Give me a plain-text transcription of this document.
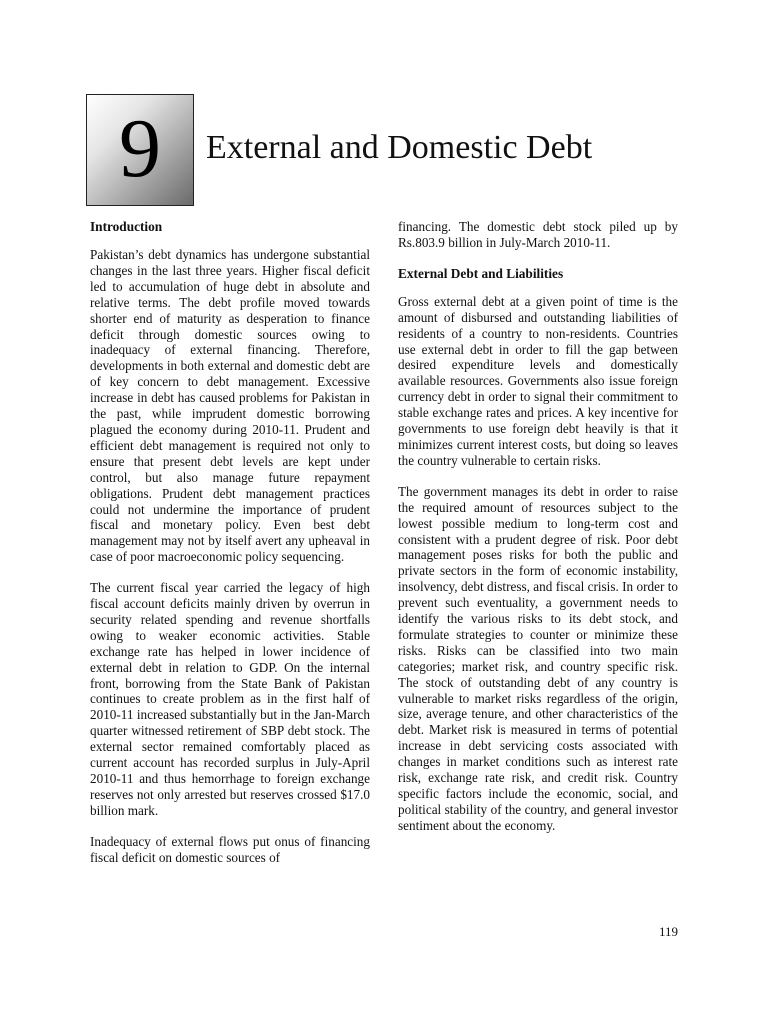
9	External and Domestic Debt
Introduction

Pakistan’s debt dynamics has undergone substantial changes in the last three years. Higher fiscal deficit led to accumulation of huge debt in absolute and relative terms. The debt profile moved towards shorter end of maturity as desperation to finance deficit through domestic sources owing to inadequacy of external financing. Therefore, developments in both external and domestic debt are of key concern to debt management. Excessive increase in debt has caused problems for Pakistan in the past, while imprudent domestic borrowing plagued the economy during 2010-11. Prudent and efficient debt management is required not only to ensure that present debt levels are kept under control, but also manage future repayment obligations. Prudent debt management practices could not undermine the importance of prudent fiscal and monetary policy. Even best debt management may not by itself avert any upheaval in case of poor macroeconomic policy sequencing.

The current fiscal year carried the legacy of high fiscal account deficits mainly driven by overrun in security related spending and revenue shortfalls owing to weaker economic activities. Stable exchange rate has helped in lower incidence of external debt in relation to GDP. On the internal front, borrowing from the State Bank of Pakistan continues to create problem as in the first half of 2010-11 increased substantially but in the Jan-March quarter witnessed retirement of SBP debt stock. The external sector remained comfortably placed as current account has recorded surplus in July-April 2010-11 and thus hemorrhage to foreign exchange reserves not only arrested but reserves crossed $17.0 billion mark.

Inadequacy of external flows put onus of financing fiscal deficit on domestic sources of

financing. The domestic debt stock piled up by Rs.803.9 billion in July-March 2010-11.

External Debt and Liabilities

Gross external debt at a given point of time is the amount of disbursed and outstanding liabilities of residents of a country to non-residents. Countries use external debt in order to fill the gap between desired expenditure levels and domestically available resources. Governments also issue foreign currency debt in order to signal their commitment to stable exchange rates and prices. A key incentive for governments to use foreign debt heavily is that it minimizes current interest costs, but doing so leaves the country vulnerable to certain risks.

The government manages its debt in order to raise the required amount of resources subject to the lowest possible medium to long-term cost and consistent with a prudent degree of risk. Poor debt management poses risks for both the public and private sectors in the form of economic instability, insolvency, debt distress, and fiscal crisis. In order to prevent such eventuality, a government needs to identify the various risks to its debt stock, and formulate strategies to counter or minimize these risks. Risks can be classified into two main categories; market risk, and country specific risk. The stock of outstanding debt of any country is vulnerable to market risks regardless of the origin, size, average tenure, and other characteristics of the debt. Market risk is measured in terms of potential increase in debt servicing costs associated with changes in market conditions such as interest rate risk, exchange rate risk, and credit risk. Country specific factors include the economic, social, and political stability of the country, and general investor sentiment about the economy.

119
